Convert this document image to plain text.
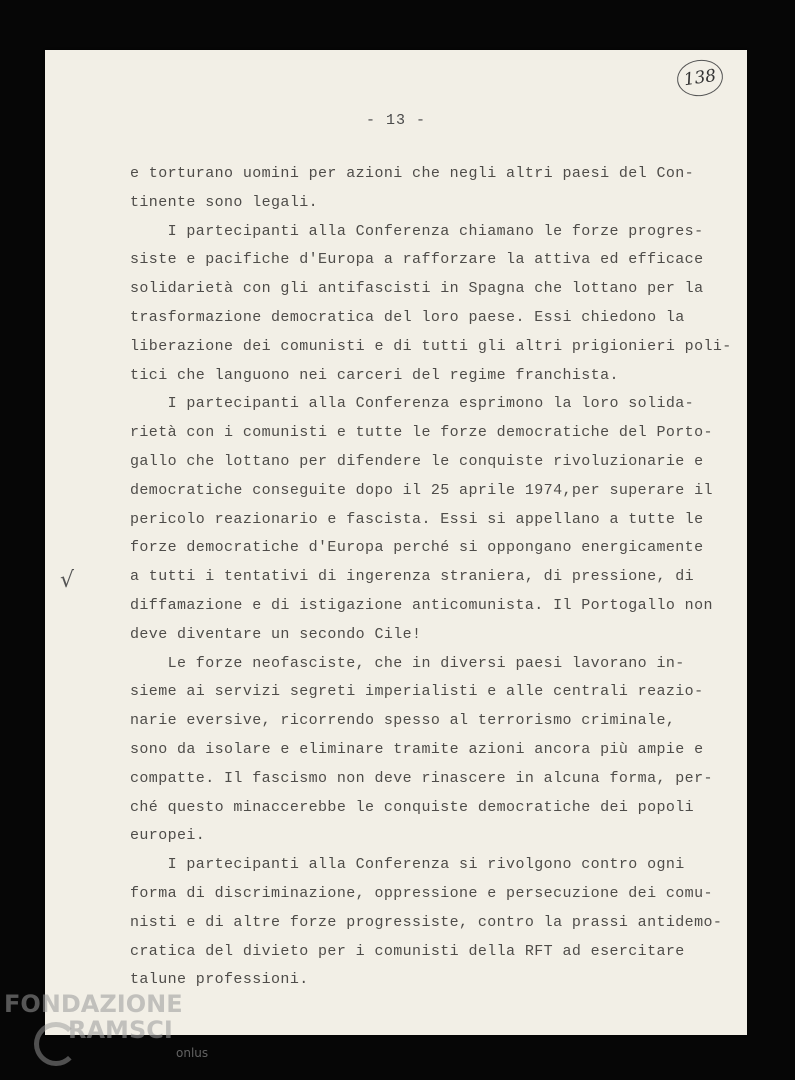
138
- 13 -
e torturano uomini per azioni che negli altri paesi del Con-
tinente sono legali.
I partecipanti alla Conferenza chiamano le forze progres-
siste e pacifiche d'Europa a rafforzare la attiva ed efficace
solidarietà con gli antifascisti in Spagna che lottano per la
trasformazione democratica del loro paese. Essi chiedono la
liberazione dei comunisti e di tutti gli altri prigionieri poli-
tici che languono nei carceri del regime franchista.
I partecipanti alla Conferenza esprimono la loro solida-
rietà con i comunisti e tutte le forze democratiche del Porto-
gallo che lottano per difendere le conquiste rivoluzionarie e
democratiche conseguite dopo il 25 aprile 1974,per superare il
pericolo reazionario e fascista. Essi si appellano a tutte le
forze democratiche d'Europa perché si oppongano energicamente
a tutti i tentativi di ingerenza straniera, di pressione, di
diffamazione e di istigazione anticomunista. Il Portogallo non
deve diventare un secondo Cile!
Le forze neofasciste, che in diversi paesi lavorano in-
sieme ai servizi segreti imperialisti e alle centrali reazio-
narie eversive, ricorrendo spesso al terrorismo criminale,
sono da isolare e eliminare tramite azioni ancora più ampie e
compatte. Il fascismo non deve rinascere in alcuna forma, per-
ché questo minaccerebbe le conquiste democratiche dei popoli
europei.
I partecipanti alla Conferenza si rivolgono contro ogni
forma di discriminazione, oppressione e persecuzione dei comu-
nisti e di altre forze progressiste, contro la prassi antidemo-
cratica del divieto per i comunisti della RFT ad esercitare
talune professioni.
√
FONDAZIONE
RAMSCI
onlus
